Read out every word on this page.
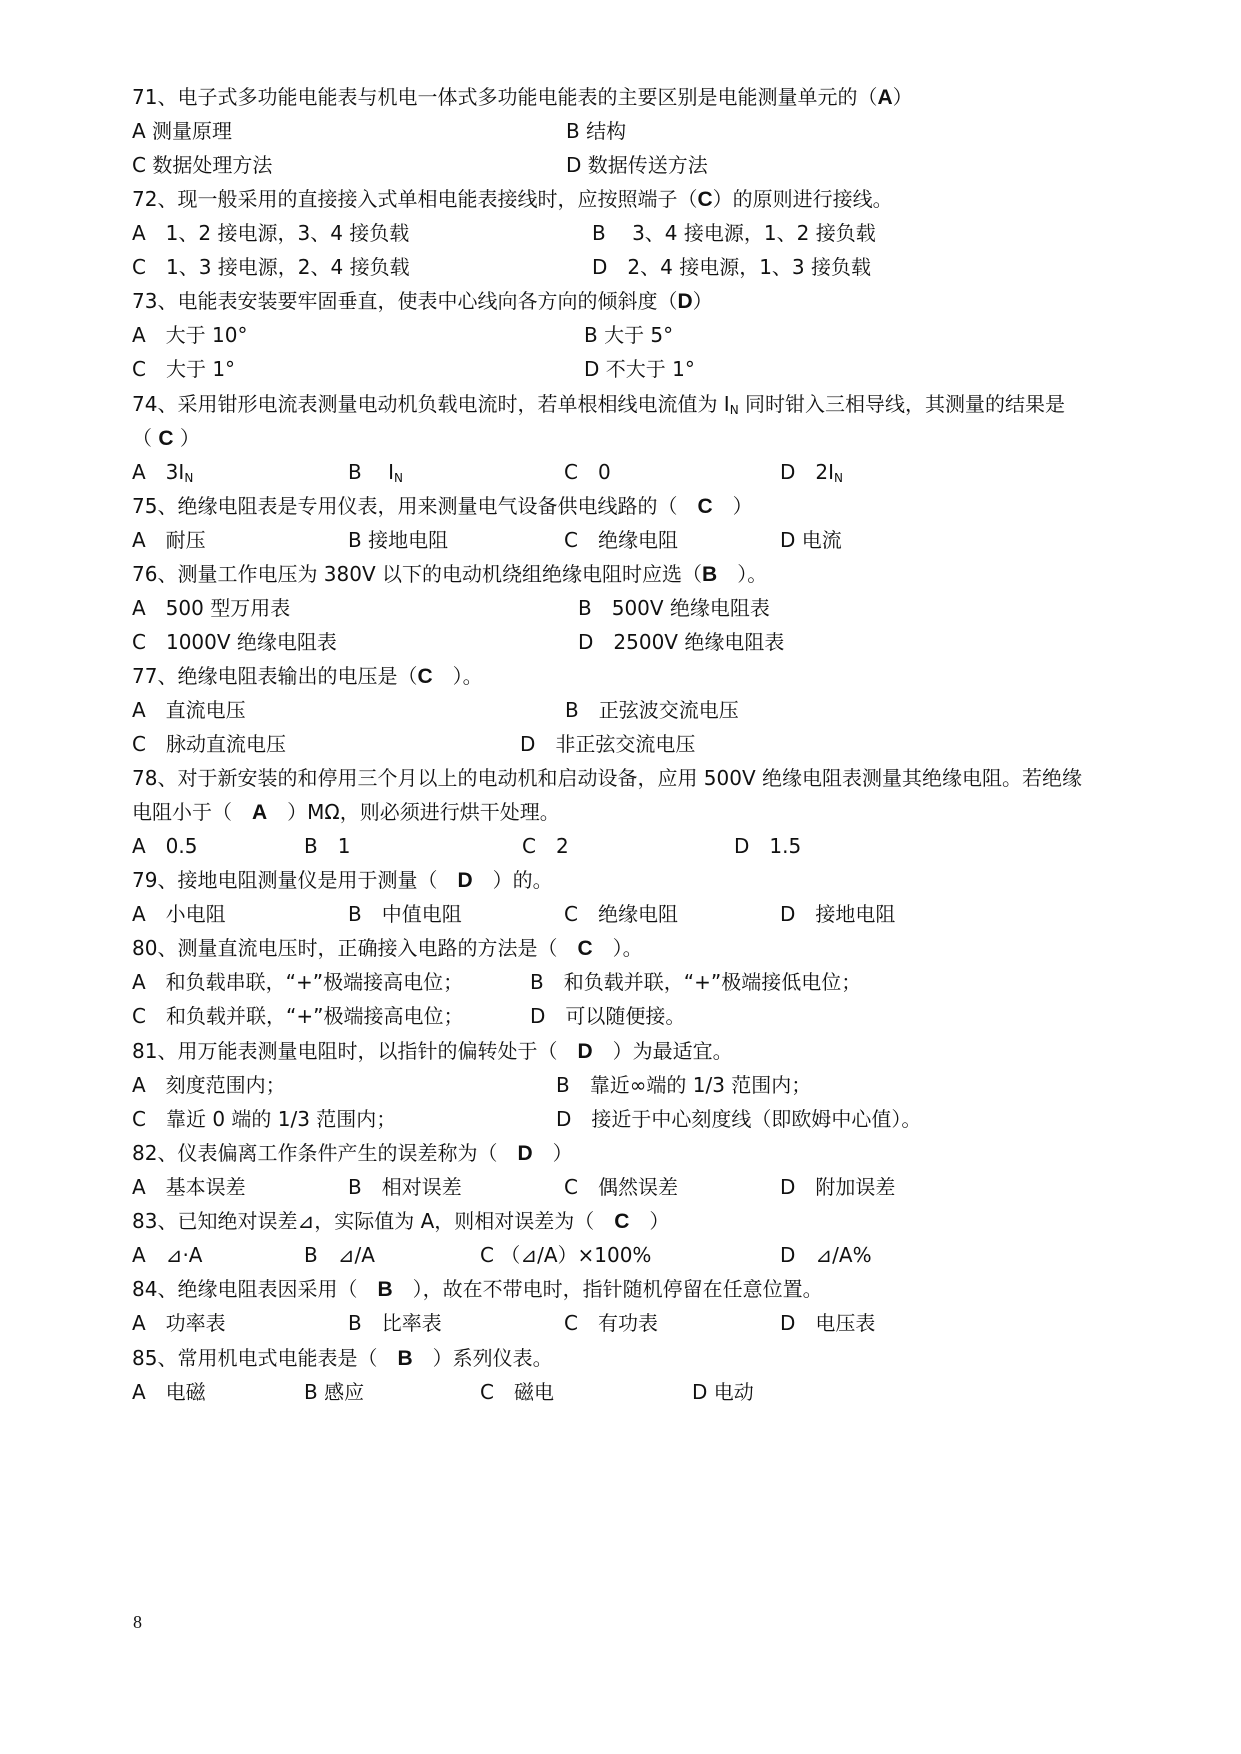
71、电子式多功能电能表与机电一体式多功能电能表的主要区别是电能测量单元的（A）
A 测量原理	B 结构
C 数据处理方法	D 数据传送方法
72、现一般采用的直接接入式单相电能表接线时，应按照端子（C）的原则进行接线。
A　1、2 接电源，3、4 接负载	B　 3、4 接电源，1、2 接负载
C　1、3 接电源，2、4 接负载	D　2、4 接电源，1、3 接负载
73、电能表安装要牢固垂直，使表中心线向各方向的倾斜度（D）
A　大于 10°	B 大于 5°
C　大于 1°	D 不大于 1°
74、采用钳形电流表测量电动机负载电流时，若单根相线电流值为 $I_N$ 同时钳入三相导线，其测量的结果是
（ C ）
A　$3I_N$	B　 $I_N$	C　0	D　$2I_N$
75、绝缘电阻表是专用仪表，用来测量电气设备供电线路的（　C　）
A　耐压	B 接地电阻	C　绝缘电阻	D 电流
76、测量工作电压为 380V 以下的电动机绕组绝缘电阻时应选（B　）。
A　500 型万用表	B　500V 绝缘电阻表
C　1000V 绝缘电阻表	D　2500V 绝缘电阻表
77、绝缘电阻表输出的电压是（C　）。
A　直流电压	B　正弦波交流电压
C　脉动直流电压	D　非正弦交流电压
78、对于新安装的和停用三个月以上的电动机和启动设备，应用 500V 绝缘电阻表测量其绝缘电阻。若绝缘
电阻小于（　A　）MΩ，则必须进行烘干处理。
A　0.5	B　1	C　2	D　1.5
79、接地电阻测量仪是用于测量（　D　）的。
A　小电阻	B　中值电阻	C　绝缘电阻	D　接地电阻
80、测量直流电压时，正确接入电路的方法是（　C　）。
A　和负载串联，“+”极端接高电位；	B　和负载并联，“+”极端接低电位；
C　和负载并联，“+”极端接高电位；	D　可以随便接。
81、用万能表测量电阻时，以指针的偏转处于（　D　）为最适宜。
A　刻度范围内；	B　靠近∞端的 1/3 范围内；
C　靠近 0 端的 1/3 范围内；	D　接近于中心刻度线（即欧姆中心值）。
82、仪表偏离工作条件产生的误差称为（　D　）
A　基本误差	B　相对误差	C　偶然误差	D　附加误差
83、已知绝对误差⊿，实际值为 A，则相对误差为（　C　）
A　⊿·A	B　⊿/A	C （⊿/A）×100%	D　⊿/A%
84、绝缘电阻表因采用（　B　），故在不带电时，指针随机停留在任意位置。
A　功率表	B　比率表	C　有功表	D　电压表
85、常用机电式电能表是（　B　）系列仪表。
A　电磁	B 感应	C　磁电	D 电动
8
